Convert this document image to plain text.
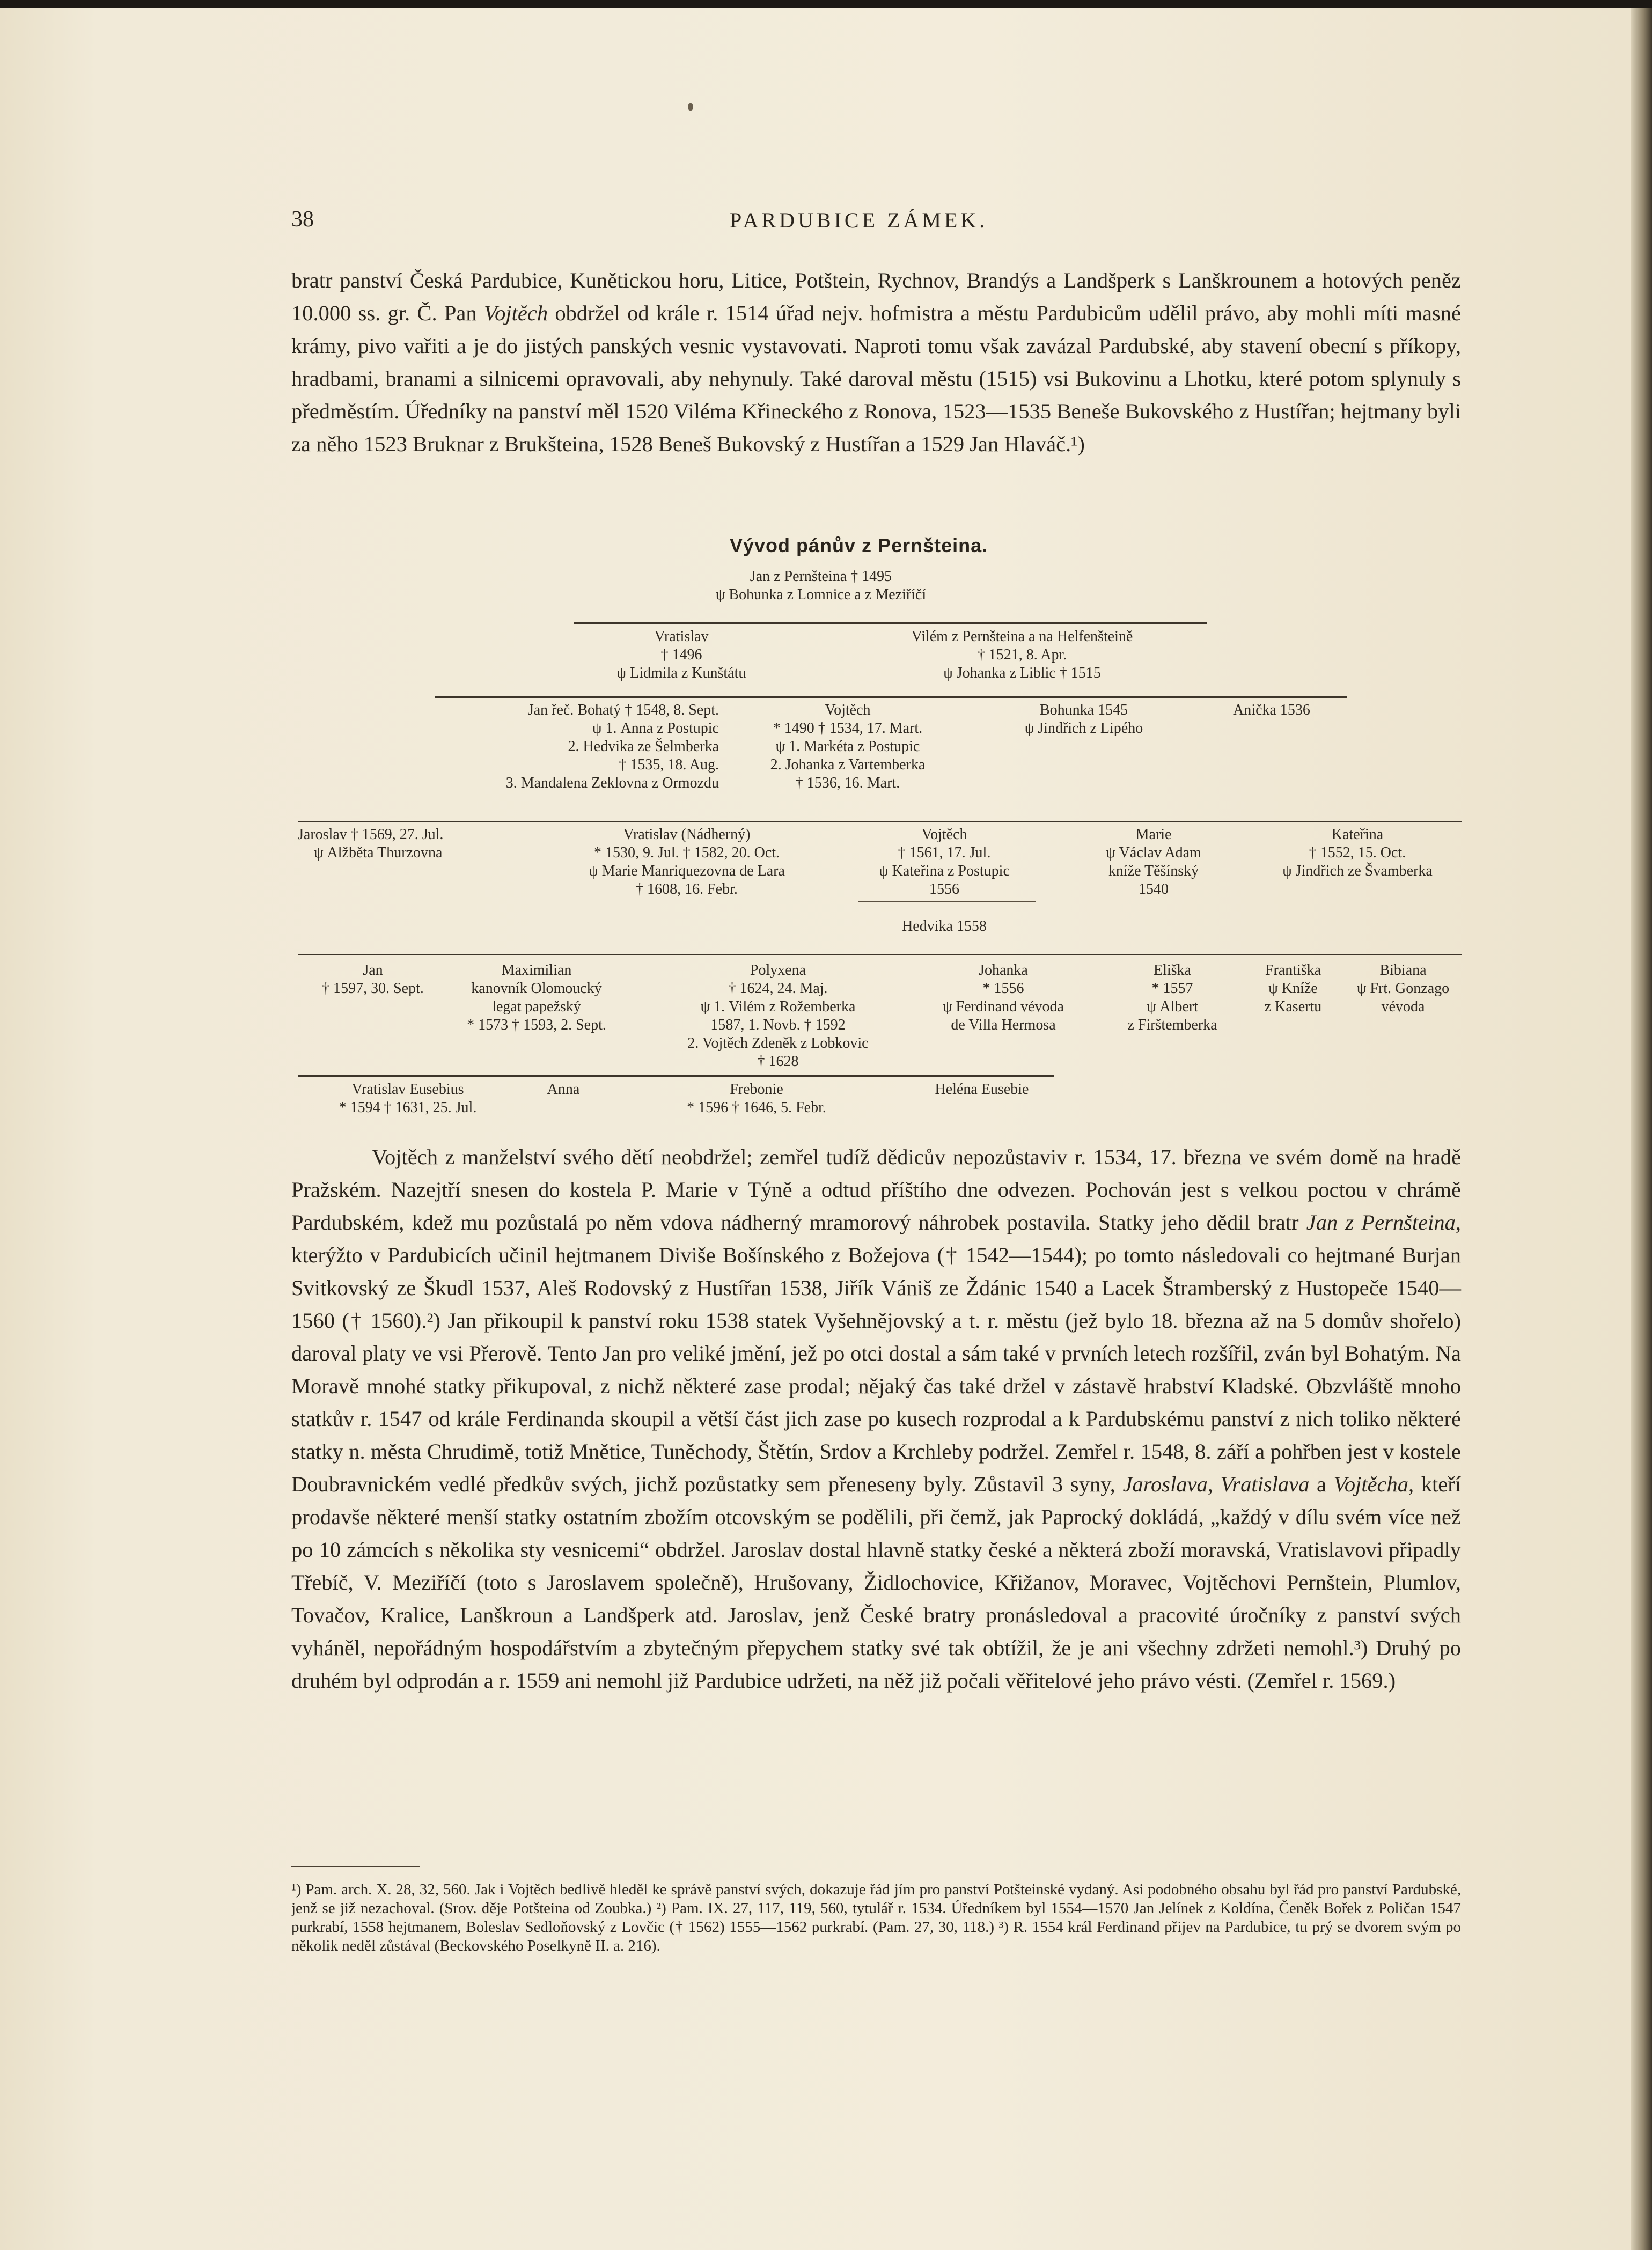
38	PARDUBICE ZÁMEK.

bratr panství Česká Pardubice, Kunětickou horu, Litice, Potštein, Rychnov, Brandýs a Landšperk s Lanškrounem a hotových peněz 10.000 ss. gr. Č. Pan Vojtěch obdržel od krále r. 1514 úřad nejv. hofmistra a městu Pardubicům udělil právo, aby mohli míti masné krámy, pivo vařiti a je do jistých panských vesnic vystavovati. Naproti tomu však zavázal Pardubské, aby stavení obecní s příkopy, hradbami, branami a silnicemi opravovali, aby nehynuly. Také daroval městu (1515) vsi Bukovinu a Lhotku, které potom splynuly s předměstím. Úředníky na panství měl 1520 Viléma Křineckého z Ronova, 1523—1535 Beneše Bukovského z Hustířan; hejtmany byli za něho 1523 Bruknar z Brukšteina, 1528 Beneš Bukovský z Hustířan a 1529 Jan Hlaváč.¹)

Vývod pánův z Pernšteina.
Jan z Pernšteina † 1495
ψ Bohunka z Lomnice a z Meziříčí
Vratislav
† 1496
ψ Lidmila z Kunštátu
Vilém z Pernšteina a na Helfenšteině
† 1521, 8. Apr.
ψ Johanka z Liblic † 1515
Jan řeč. Bohatý † 1548, 8. Sept.
ψ 1. Anna z Postupic
2. Hedvika ze Šelmberka
† 1535, 18. Aug.
3. Mandalena Zeklovna z Ormozdu
Vojtěch
* 1490 † 1534, 17. Mart.
ψ 1. Markéta z Postupic
2. Johanka z Vartemberka
† 1536, 16. Mart.
Bohunka 1545
ψ Jindřich z Lipého
Anička 1536
Jaroslav † 1569, 27. Jul.
ψ Alžběta Thurzovna
Vratislav (Nádherný)
* 1530, 9. Jul. † 1582, 20. Oct.
ψ Marie Manriquezovna de Lara
† 1608, 16. Febr.
Vojtěch
† 1561, 17. Jul.
ψ Kateřina z Postupic
1556
Marie
ψ Václav Adam
kníže Těšínský
1540
Kateřina
† 1552, 15. Oct.
ψ Jindřich ze Švamberka
Hedvika 1558
Jan
† 1597, 30. Sept.
Maximilian
kanovník Olomoucký
legat papežský
* 1573 † 1593, 2. Sept.
Polyxena
† 1624, 24. Maj.
ψ 1. Vilém z Rožemberka
1587, 1. Novb. † 1592
2. Vojtěch Zdeněk z Lobkovic
† 1628
Johanka
* 1556
ψ Ferdinand vévoda
de Villa Hermosa
Eliška
* 1557
ψ Albert
z Firštemberka
Františka
ψ Kníže
z Kasertu
Bibiana
ψ Frt. Gonzago
vévoda
Vratislav Eusebius
* 1594 † 1631, 25. Jul.
Anna	Frebonie
* 1596 † 1646, 5. Febr.
Heléna Eusebie

Vojtěch z manželství svého dětí neobdržel; zemřel tudíž dědicův nepozůstaviv r. 1534, 17. března ve svém domě na hradě Pražském. Nazejtří snesen do kostela P. Marie v Týně a odtud příštího dne odvezen. Pochován jest s velkou poctou v chrámě Pardubském, kdež mu pozůstalá po něm vdova nádherný mramorový náhrobek postavila. Statky jeho dědil bratr Jan z Pernšteina, kterýžto v Pardubicích učinil hejtmanem Diviše Bošínského z Božejova († 1542—1544); po tomto následovali co hejtmané Burjan Svitkovský ze Škudl 1537, Aleš Rodovský z Hustířan 1538, Jiřík Vániš ze Ždánic 1540 a Lacek Štramberský z Hustopeče 1540—1560 († 1560).²) Jan přikoupil k panství roku 1538 statek Vyšehnějovský a t. r. městu (jež bylo 18. března až na 5 domův shořelo) daroval platy ve vsi Přerově. Tento Jan pro veliké jmění, jež po otci dostal a sám také v prvních letech rozšířil, zván byl Bohatým. Na Moravě mnohé statky přikupoval, z nichž některé zase prodal; nějaký čas také držel v zástavě hrabství Kladské. Obzvláště mnoho statkův r. 1547 od krále Ferdinanda skoupil a větší část jich zase po kusech rozprodal a k Pardubskému panství z nich toliko některé statky n. města Chrudimě, totiž Mnětice, Tuněchody, Štětín, Srdov a Krchleby podržel. Zemřel r. 1548, 8. září a pohřben jest v kostele Doubravnickém vedlé předkův svých, jichž pozůstatky sem přeneseny byly. Zůstavil 3 syny, Jaroslava, Vratislava a Vojtěcha, kteří prodavše některé menší statky ostatním zbožím otcovským se podělili, při čemž, jak Paprocký dokládá, „každý v dílu svém více než po 10 zámcích s několika sty vesnicemi“ obdržel. Jaroslav dostal hlavně statky české a některá zboží moravská, Vratislavovi připadly Třebíč, V. Meziříčí (toto s Jaroslavem společně), Hrušovany, Židlochovice, Křižanov, Moravec, Vojtěchovi Pernštein, Plumlov, Tovačov, Kralice, Lanškroun a Landšperk atd. Jaroslav, jenž České bratry pronásledoval a pracovité úročníky z panství svých vyháněl, nepořádným hospodářstvím a zbytečným přepychem statky své tak obtížil, že je ani všechny zdržeti nemohl.³) Druhý po druhém byl odprodán a r. 1559 ani nemohl již Pardubice udržeti, na něž již počali věřitelové jeho právo vésti. (Zemřel r. 1569.)

¹) Pam. arch. X. 28, 32, 560. Jak i Vojtěch bedlivě hleděl ke správě panství svých, dokazuje řád jím pro panství Potšteinské vydaný. Asi podobného obsahu byl řád pro panství Pardubské, jenž se již nezachoval. (Srov. děje Potšteina od Zoubka.) ²) Pam. IX. 27, 117, 119, 560, tytulář r. 1534. Úředníkem byl 1554—1570 Jan Jelínek z Koldína, Čeněk Bořek z Poličan 1547 purkrabí, 1558 hejtmanem, Boleslav Sedloňovský z Lovčic († 1562) 1555—1562 purkrabí. (Pam. 27, 30, 118.) ³) R. 1554 král Ferdinand přijev na Pardubice, tu prý se dvorem svým po několik neděl zůstával (Beckovského Poselkyně II. a. 216).
